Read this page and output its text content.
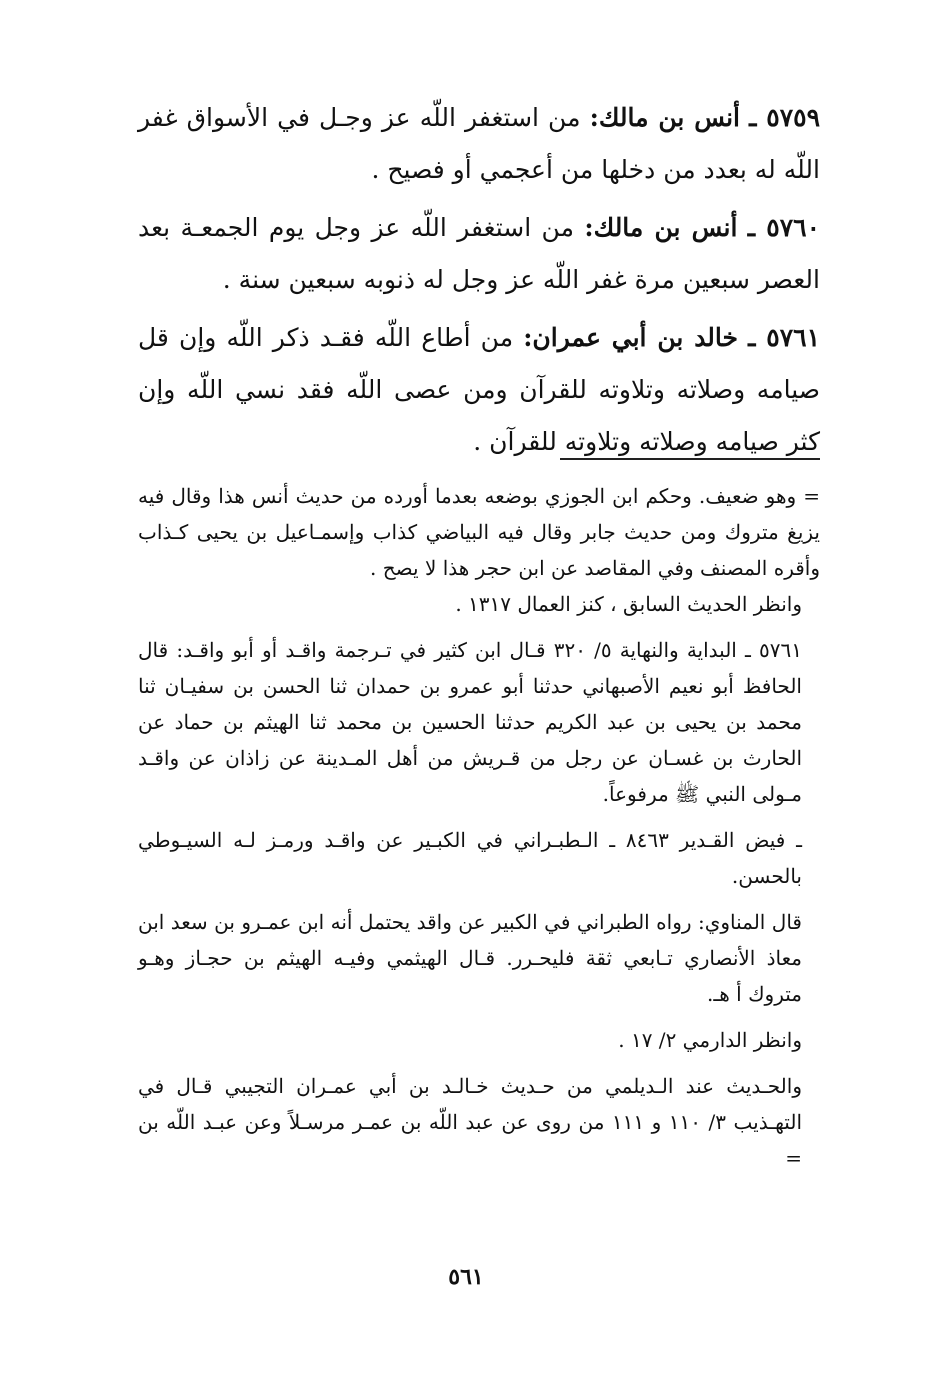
٥٧٥٩ ـ أنس بن مالك: من استغفر اللّه عز وجـل في الأسواق غفر اللّه له بعدد من دخلها من أعجمي أو فصيح .

٥٧٦٠ ـ أنس بن مالك: من استغفر اللّه عز وجل يوم الجمعـة بعد العصر سبعين مرة غفر اللّه عز وجل له ذنوبه سبعين سنة .

٥٧٦١ ـ خالد بن أبي عمران: من أطاع اللّه فقـد ذكر اللّه وإن قل صيامه وصلاته وتلاوته للقرآن ومن عصى اللّه فقد نسي اللّه وإن كثر صيامه وصلاته وتلاوته للقرآن .

= وهو ضعيف. وحكم ابن الجوزي بوضعه بعدما أورده من حديث أنس هذا وقال فيه يزيغ متروك ومن حديث جابر وقال فيه البياضي كذاب وإسمـاعيل بن يحيى كـذاب وأقره المصنف وفي المقاصد عن ابن حجر هذا لا يصح .
وانظر الحديث السابق ، كنز العمال ١٣١٧ .

٥٧٦١ ـ البداية والنهاية ٥/ ٣٢٠ قـال ابن كثير في تـرجمة واقـد أو أبو واقـد: قال الحافظ أبو نعيم الأصبهاني حدثنا أبو عمرو بن حمدان ثنا الحسن بن سفيـان ثنا محمد بن يحيى بن عبد الكريم حدثنا الحسين بن محمد ثنا الهيثم بن حماد عن الحارث بن غسـان عن رجل من قـريش من أهل المـدينة عن زاذان عن واقـد مـولى النبي ﷺ مرفوعاً.

ـ فيض القـدير ٨٤٦٣ ـ الـطبـراني في الكبـير عن واقـد ورمـز لـه السيـوطي بالحسن.

قال المناوي: رواه الطبراني في الكبير عن واقد يحتمل أنه ابن عمـرو بن سعد ابن معاذ الأنصاري تـابعي ثقة فليحـرر. قـال الهيثمي وفيـه الهيثم بن حجـاز وهـو متروك أ هـ.

وانظر الدارمي ٢/ ١٧ .

والحـديث عند الـديلمي من حـديث خـالـد بن أبي عمـران التجيبي قـال في التهـذيب ٣/ ١١٠ و ١١١ من روى عن عبد اللّه بن عمـر مرسـلاً وعن عبـد اللّه بن =

٥٦١
